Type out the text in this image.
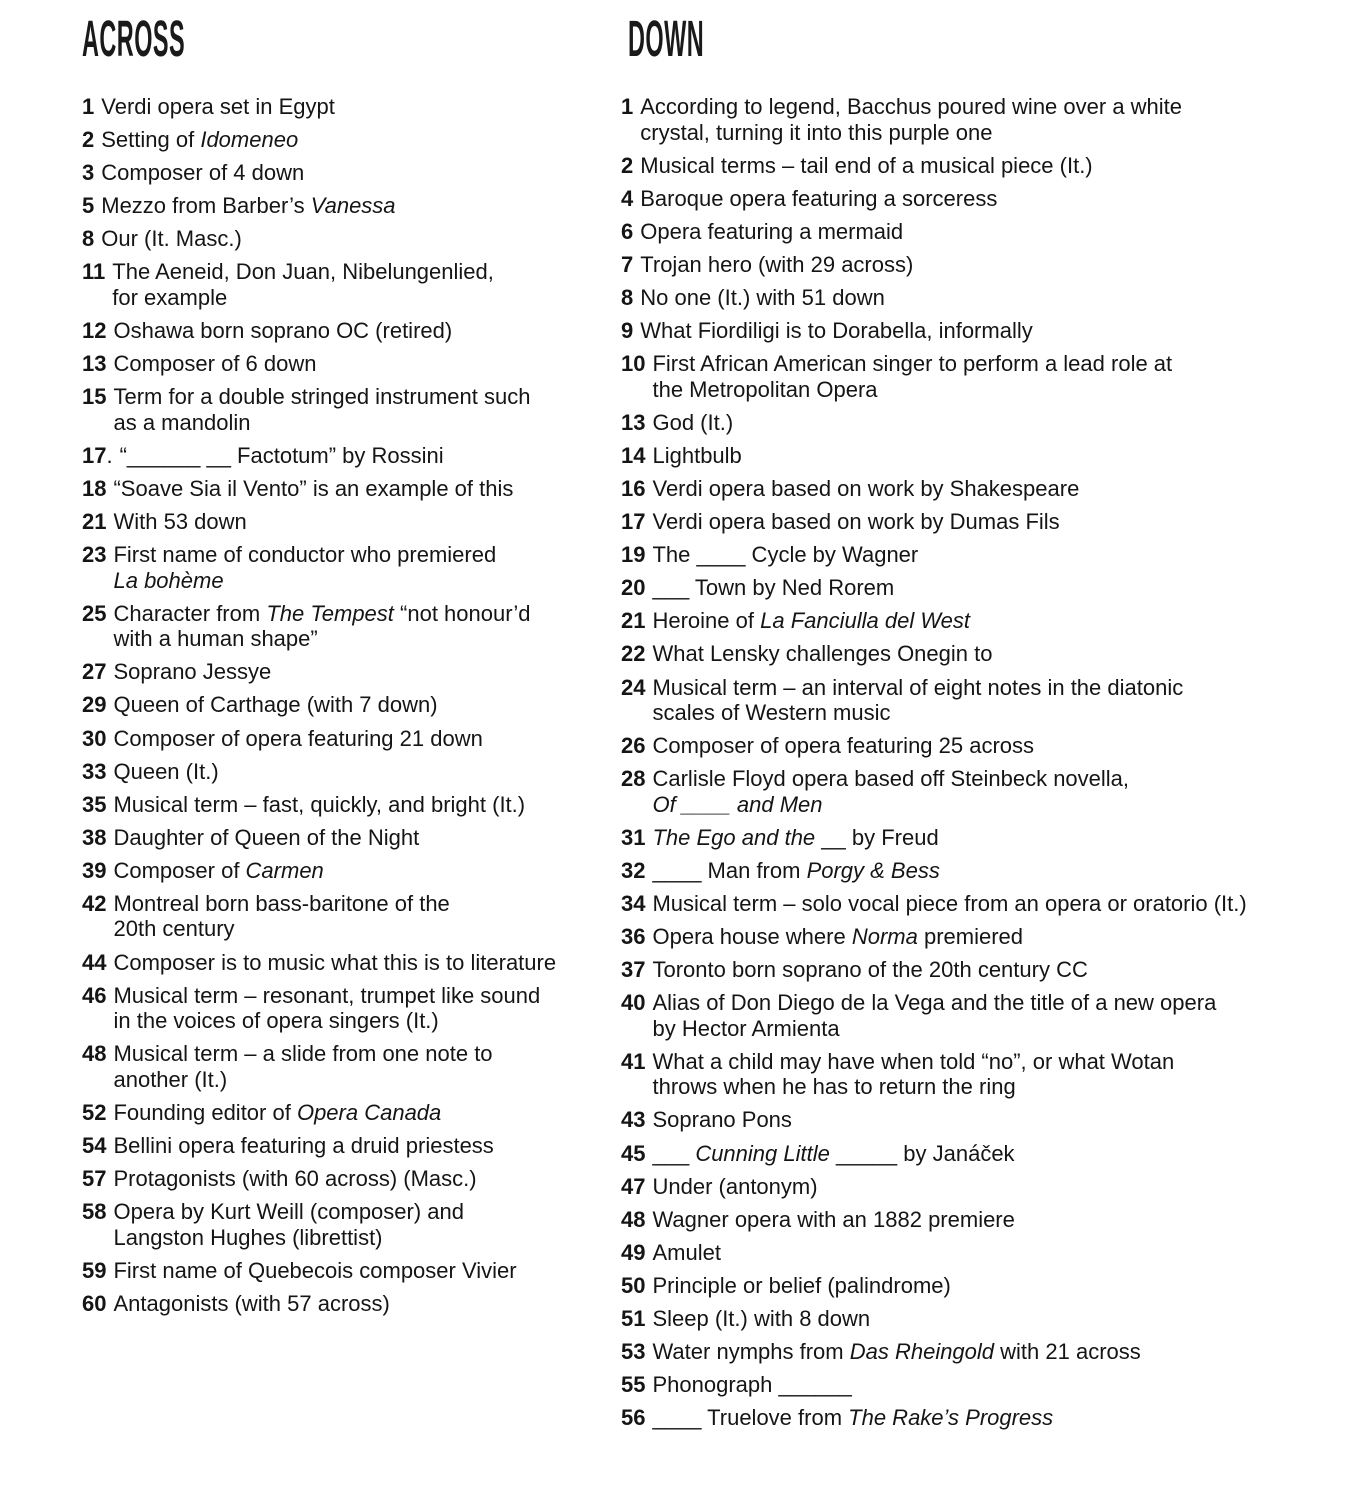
ACROSS
1 Verdi opera set in Egypt
2 Setting of Idomeneo
3 Composer of 4 down
5 Mezzo from Barber’s Vanessa
8 Our (It. Masc.)
11 The Aeneid, Don Juan, Nibelungenlied,
for example
12 Oshawa born soprano OC (retired)
13 Composer of 6 down
15 Term for a double stringed instrument such
as a mandolin
17. “______ __ Factotum” by Rossini
18 “Soave Sia il Vento” is an example of this
21 With 53 down
23 First name of conductor who premiered
La bohème
25 Character from The Tempest “not honour’d
with a human shape”
27 Soprano Jessye
29 Queen of Carthage (with 7 down)
30 Composer of opera featuring 21 down
33 Queen (It.)
35 Musical term – fast, quickly, and bright (It.)
38 Daughter of Queen of the Night
39 Composer of Carmen
42 Montreal born bass-baritone of the
20th century
44 Composer is to music what this is to literature
46 Musical term – resonant, trumpet like sound
in the voices of opera singers (It.)
48 Musical term – a slide from one note to
another (It.)
52 Founding editor of Opera Canada
54 Bellini opera featuring a druid priestess
57 Protagonists (with 60 across) (Masc.)
58 Opera by Kurt Weill (composer) and
Langston Hughes (librettist)
59 First name of Quebecois composer Vivier
60 Antagonists (with 57 across)
DOWN
1 According to legend, Bacchus poured wine over a white
crystal, turning it into this purple one
2 Musical terms – tail end of a musical piece (It.)
4 Baroque opera featuring a sorceress
6 Opera featuring a mermaid
7 Trojan hero (with 29 across)
8 No one (It.) with 51 down
9 What Fiordiligi is to Dorabella, informally
10 First African American singer to perform a lead role at
the Metropolitan Opera
13 God (It.)
14 Lightbulb
16 Verdi opera based on work by Shakespeare
17 Verdi opera based on work by Dumas Fils
19 The ____ Cycle by Wagner
20 ___ Town by Ned Rorem
21 Heroine of La Fanciulla del West
22 What Lensky challenges Onegin to
24 Musical term – an interval of eight notes in the diatonic
scales of Western music
26 Composer of opera featuring 25 across
28 Carlisle Floyd opera based off Steinbeck novella,
Of ____ and Men
31 The Ego and the __ by Freud
32 ____ Man from Porgy & Bess
34 Musical term – solo vocal piece from an opera or oratorio (It.)
36 Opera house where Norma premiered
37 Toronto born soprano of the 20th century CC
40 Alias of Don Diego de la Vega and the title of a new opera
by Hector Armienta
41 What a child may have when told “no”, or what Wotan
throws when he has to return the ring
43 Soprano Pons
45 ___ Cunning Little _____ by Janáček
47 Under (antonym)
48 Wagner opera with an 1882 premiere
49 Amulet
50 Principle or belief (palindrome)
51 Sleep (It.) with 8 down
53 Water nymphs from Das Rheingold with 21 across
55 Phonograph ______
56 ____ Truelove from The Rake’s Progress
